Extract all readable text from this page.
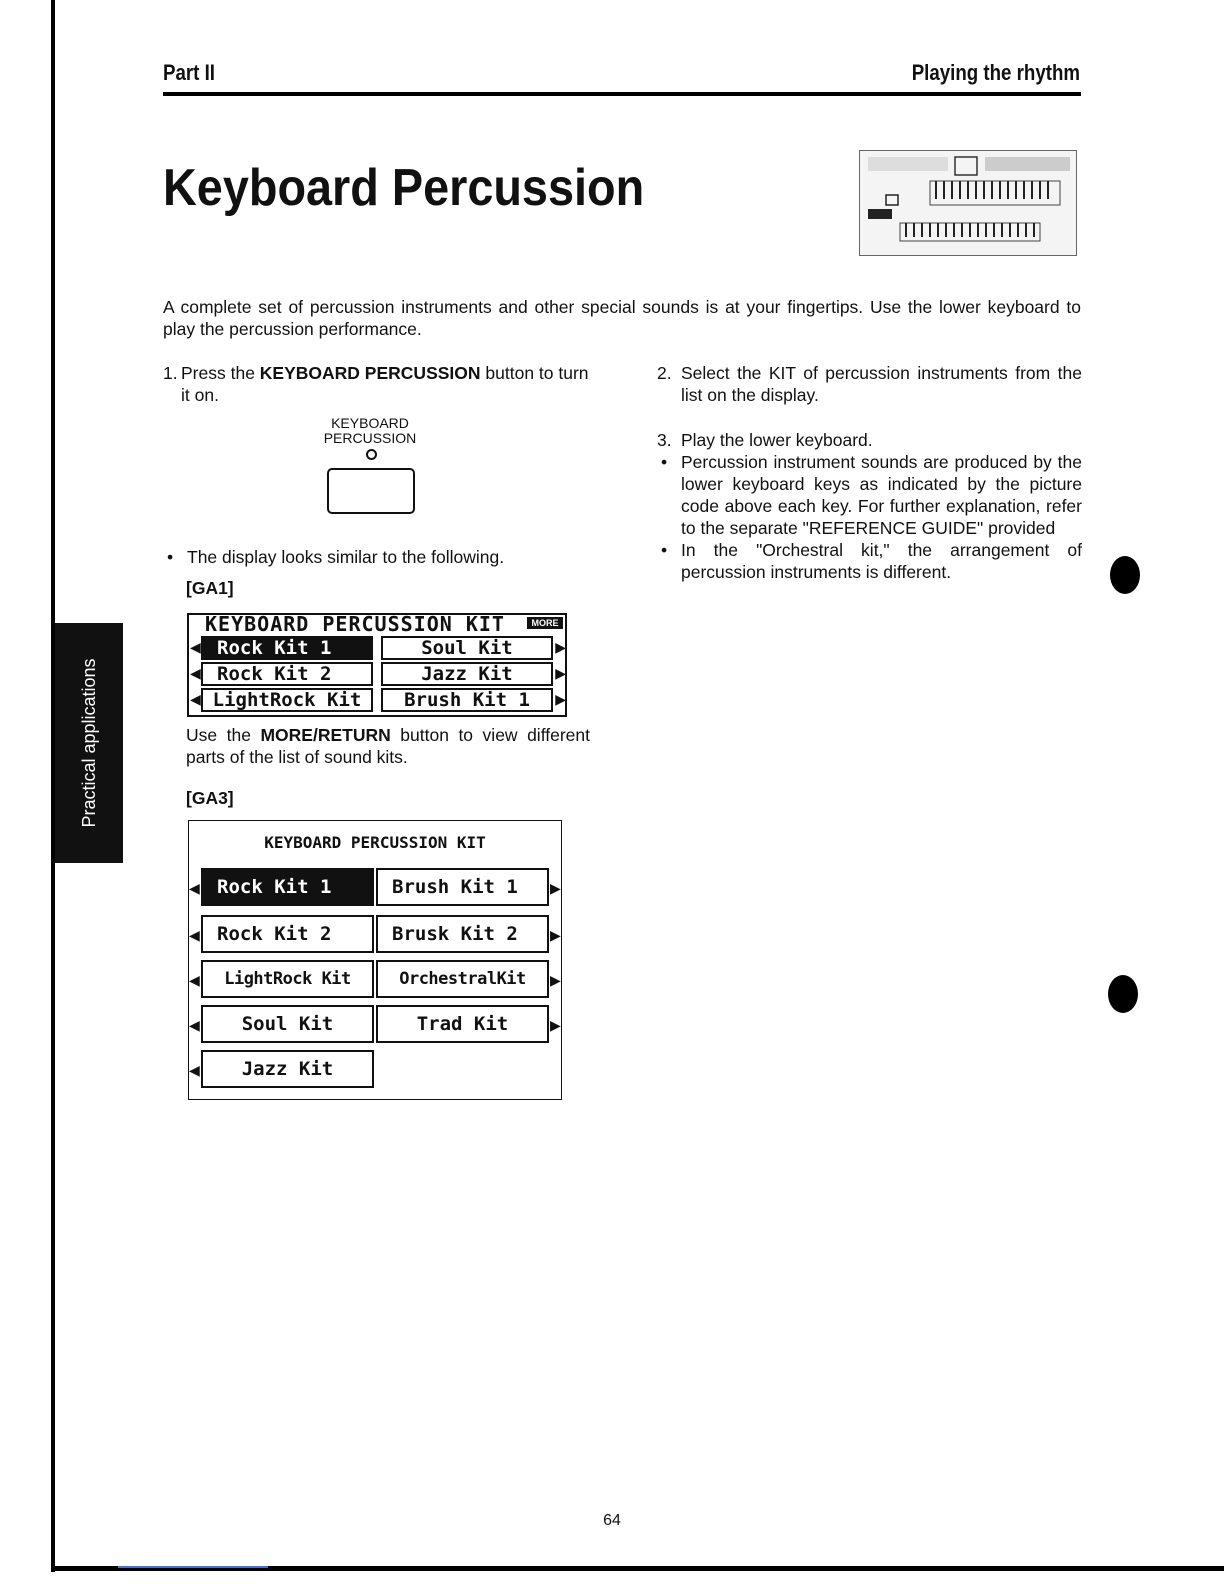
Part II	Playing the rhythm
Keyboard Percussion
A complete set of percussion instruments and other special sounds is at your fingertips. Use the lower keyboard to play the percussion performance.
1. Press the KEYBOARD PERCUSSION button to turn it on.
KEYBOARD
PERCUSSION
• The display looks similar to the following.
[GA1]
KEYBOARD PERCUSSION KIT	MORE
◀
◀
◀
▶
▶
▶
Rock Kit 1	Soul Kit
Rock Kit 2	Jazz Kit
LightRock Kit	Brush Kit 1
Use the MORE/RETURN button to view different parts of the list of sound kits.
[GA3]
KEYBOARD PERCUSSION KIT
◀
◀
◀
◀
◀
▶
▶
▶
▶
Rock Kit 1	Brush Kit 1
Rock Kit 2	Brusk Kit 2
LightRock Kit	OrchestralKit
Soul Kit	Trad Kit
Jazz Kit
2. Select the KIT of percussion instruments from the list on the display.
3. Play the lower keyboard.
• Percussion instrument sounds are produced by the lower keyboard keys as indicated by the picture code above each key. For further explanation, refer to the separate "REFERENCE GUIDE" provided
• In the "Orchestral kit," the arrangement of percussion instruments is different.
Practical applications
64
